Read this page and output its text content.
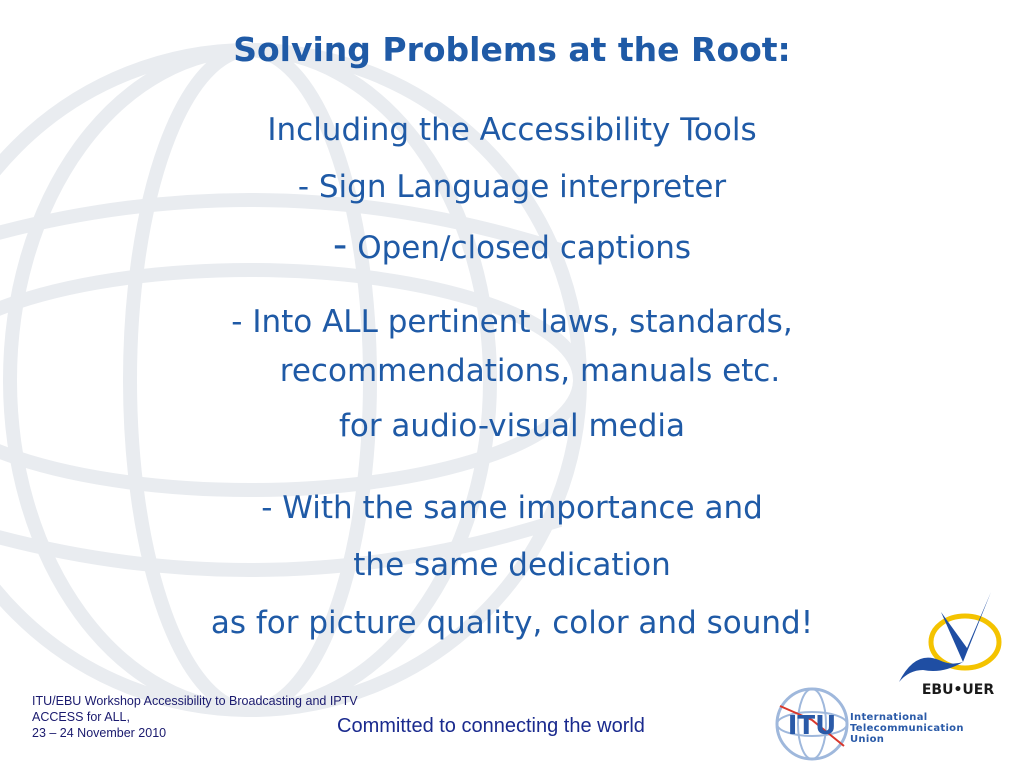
Solving Problems at the Root:

Including the Accessibility Tools

- Sign Language interpreter

- Open/closed captions

- Into ALL pertinent laws, standards,

recommendations, manuals etc.

for audio-visual media

- With the same importance and

the same dedication

as for picture quality, color and sound!

EBU•UER
ITU/EBU Workshop Accessibility to Broadcasting and IPTV
ACCESS for ALL,
23 – 24 November 2010	Committed to connecting the world	ITU International
Telecommunication
Union
